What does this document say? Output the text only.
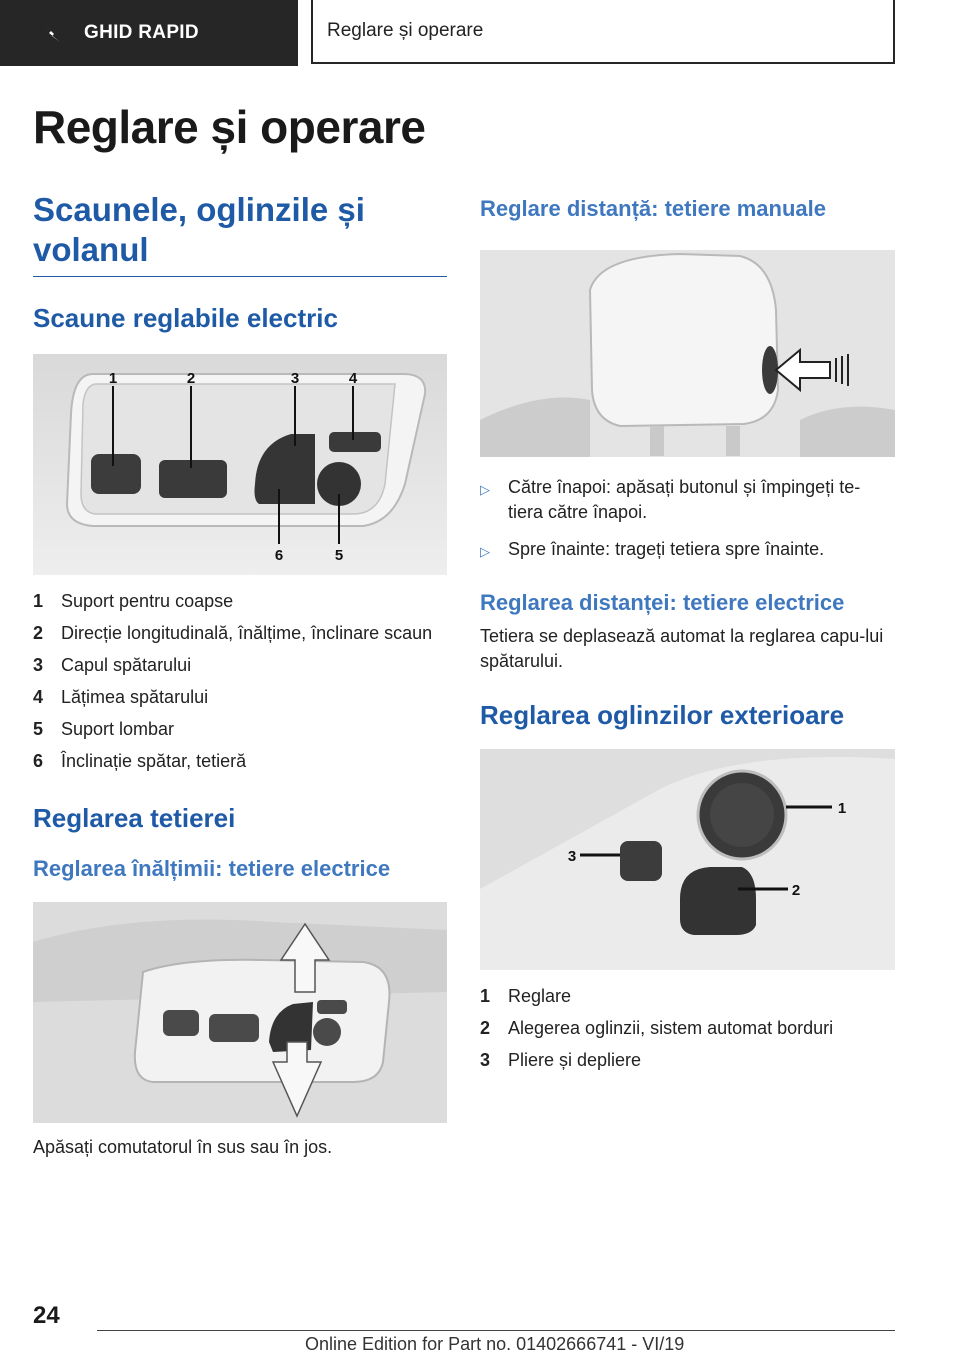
GHID RAPID	Reglare și operare
Reglare și operare
Scaunele, oglinzile și volanul
Scaune reglabile electric
1	2	3	4
5
6
1 Suport pentru coapse
2 Direcție longitudinală, înălțime, înclinare scaun
3 Capul spătarului
4 Lățimea spătarului
5 Suport lombar
6 Înclinație spătar, tetieră
Reglarea tetierei
Reglarea înălțimii: tetiere electrice

Apăsați comutatorul în sus sau în jos.

Reglare distanță: tetiere manuale
▷	Către înapoi: apăsați butonul și împingeți te-tiera către înapoi.
▷	Spre înainte: trageți tetiera spre înainte.
Reglarea distanței: tetiere electrice

Tetiera se deplasează automat la reglarea capu-lui spătarului.

Reglarea oglinzilor exterioare
1
2
3
1 Reglare
2 Alegerea oglinzii, sistem automat borduri
3 Pliere și depliere
24
Online Edition for Part no. 01402666741 - VI/19
